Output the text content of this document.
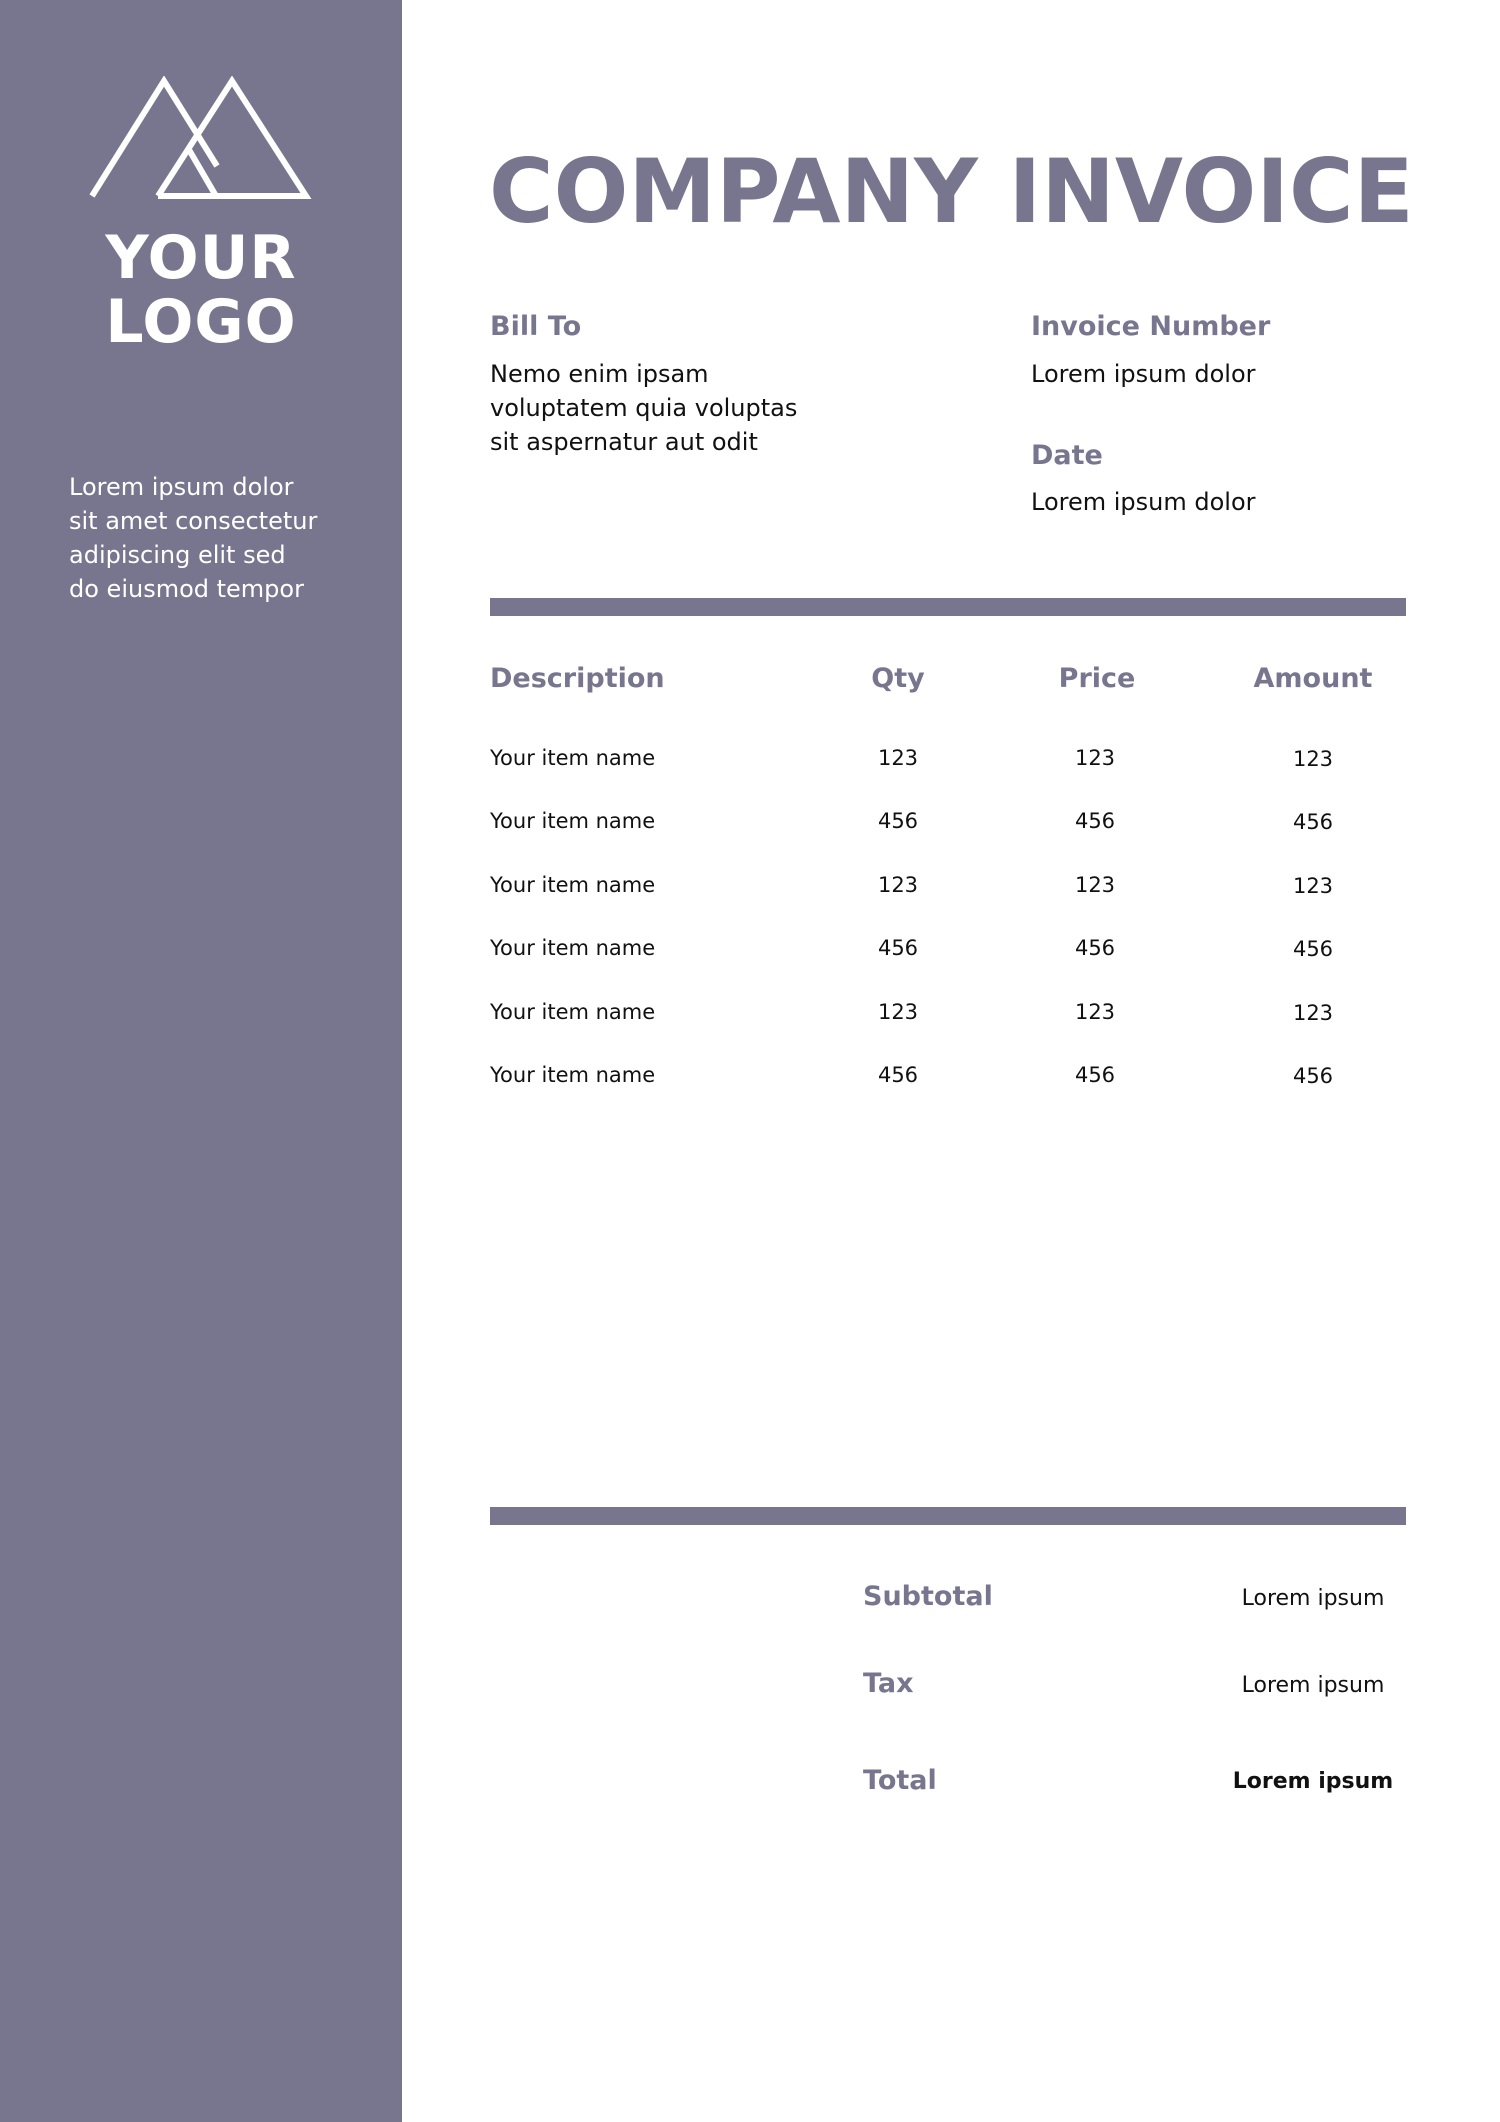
YOUR
LOGO
Lorem ipsum dolor
sit amet consectetur
adipiscing elit sed
do eiusmod tempor
COMPANY INVOICE
Bill To
Nemo enim ipsam
voluptatem quia voluptas
sit aspernatur aut odit
Invoice Number
Lorem ipsum dolor
Date
Lorem ipsum dolor
Description	Qty	Price	Amount
Your item name	123	123	123
Your item name	456	456	456
Your item name	123	123	123
Your item name	456	456	456
Your item name	123	123	123
Your item name	456	456	456
Subtotal	Lorem ipsum
Tax	Lorem ipsum
Total	Lorem ipsum
